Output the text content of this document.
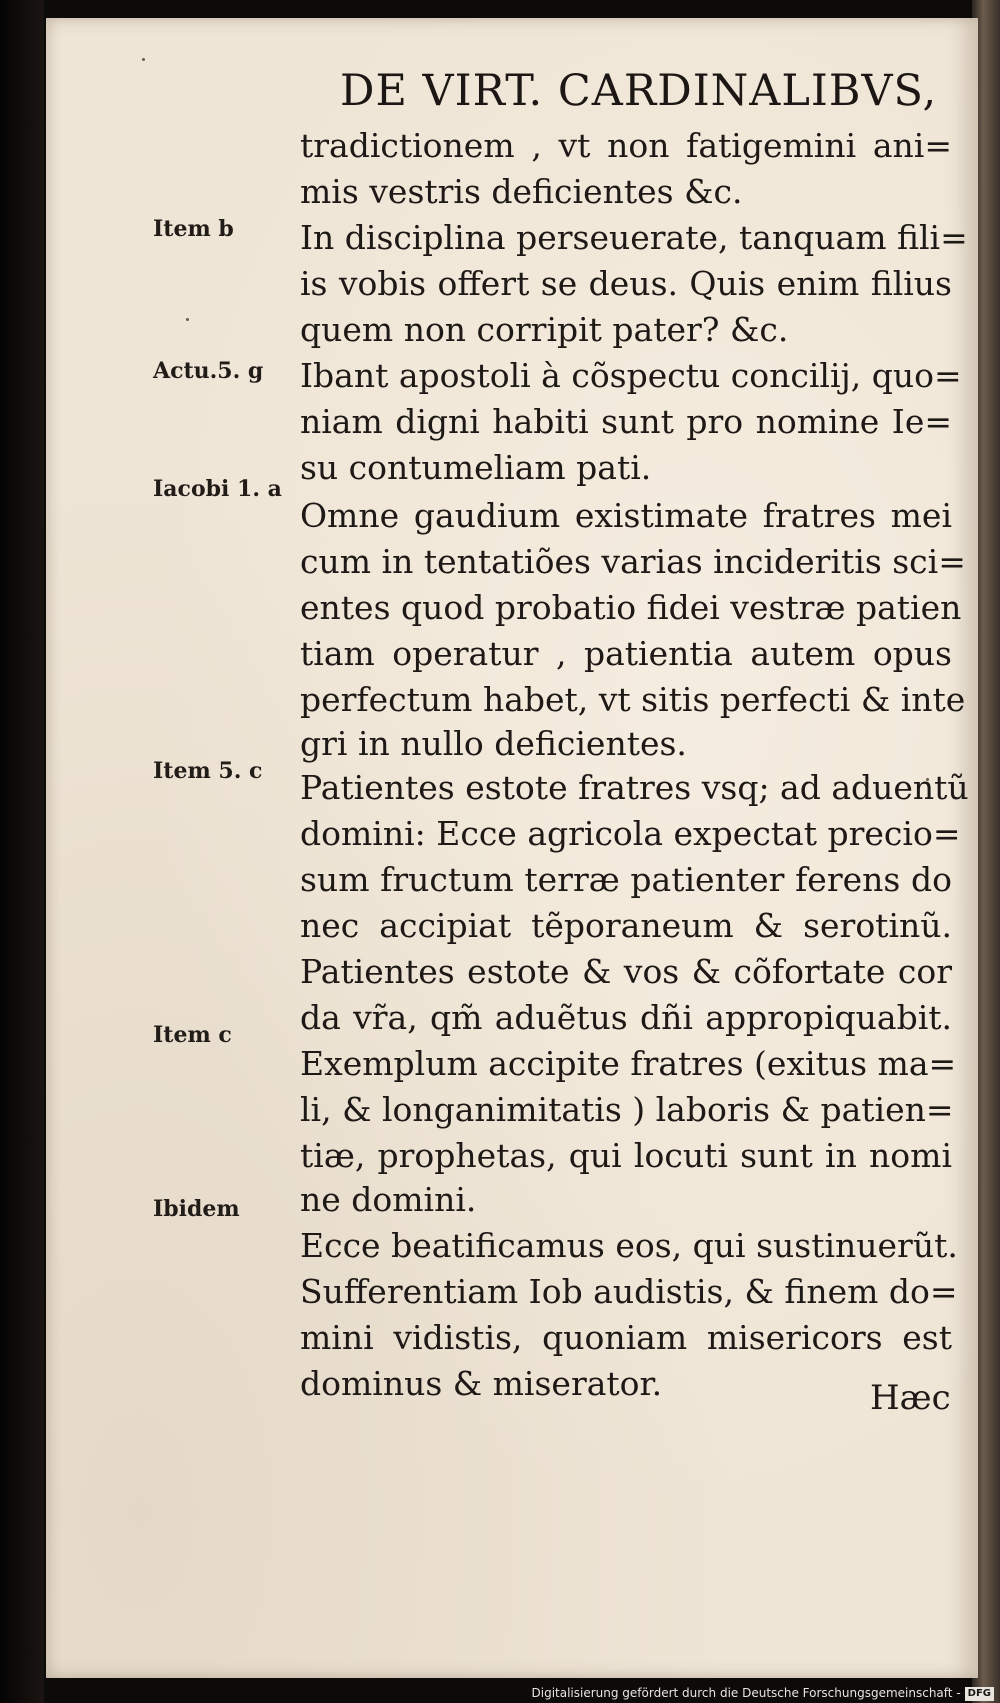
DE VIRT. CARDINALIBVS,
Item b
Actu.5. g
Iacobi 1. a
Item 5. c
Item c
Ibidem
tradictionem , vt non fatigemini ani=
mis vestris deficientes &c.
In disciplina perseuerate, tanquam fili=
is vobis offert se deus. Quis enim filius
quem non corripit pater? &c.
Ibant apostoli à cõspectu concilij, quo=
niam digni habiti sunt pro nomine Ie=
su contumeliam pati.
Omne gaudium existimate fratres mei
cum in tentatiões varias incideritis sci=
entes quod probatio fidei vestræ patien
tiam operatur , patientia autem opus
perfectum habet, vt sitis perfecti & inte
gri in nullo deficientes.
Patientes estote fratres vsq; ad aduentũ
domini: Ecce agricola expectat precio=
sum fructum terræ patienter ferens do
nec accipiat tẽporaneum & serotinũ.
Patientes estote & vos & cõfortate cor
da vr̃a, qm̃ aduẽtus dñi appropiquabit.
Exemplum accipite fratres (exitus ma=
li, & longanimitatis ) laboris & patien=
tiæ, prophetas, qui locuti sunt in nomi
ne domini.
Ecce beatificamus eos, qui sustinuerũt.
Sufferentiam Iob audistis, & finem do=
mini vidistis, quoniam misericors est
dominus & miserator.	Hæc
Digitalisierung gefördert durch die Deutsche Forschungsgemeinschaft - DFG
